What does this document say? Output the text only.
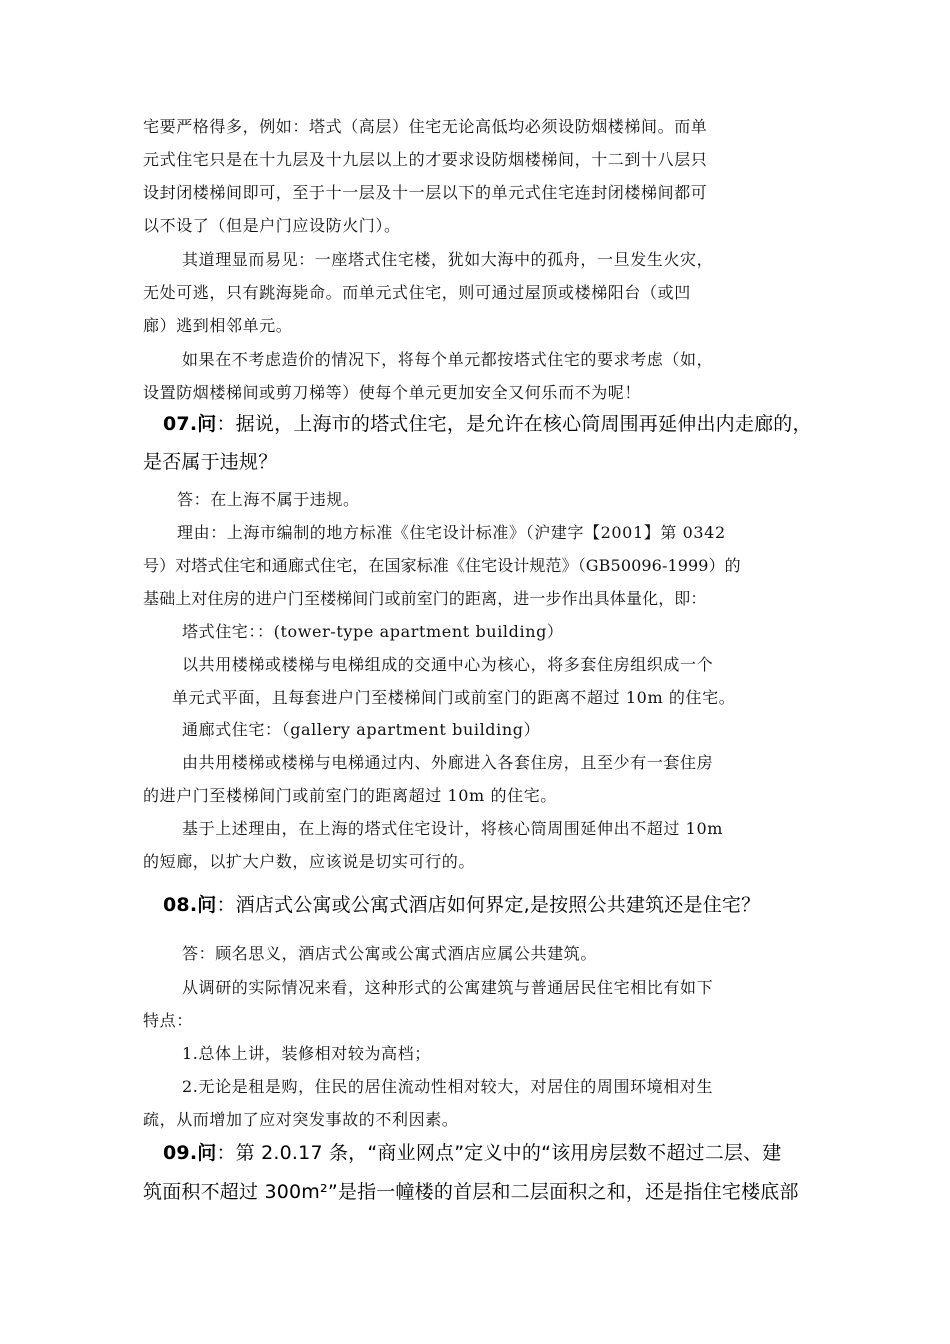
宅要严格得多，例如：塔式（高层）住宅无论高低均必须设防烟楼梯间。而单
元式住宅只是在十九层及十九层以上的才要求设防烟楼梯间，十二到十八层只
设封闭楼梯间即可，至于十一层及十一层以下的单元式住宅连封闭楼梯间都可
以不设了（但是户门应设防火门）。
其道理显而易见：一座塔式住宅楼，犹如大海中的孤舟，一旦发生火灾，
无处可逃，只有跳海毙命。而单元式住宅，则可通过屋顶或楼梯阳台（或凹
廊）逃到相邻单元。
如果在不考虑造价的情况下，将每个单元都按塔式住宅的要求考虑（如，
设置防烟楼梯间或剪刀梯等）使每个单元更加安全又何乐而不为呢！
07.问：据说，上海市的塔式住宅，是允许在核心筒周围再延伸出内走廊的，
是否属于违规？
答：在上海不属于违规。
理由：上海市编制的地方标准《住宅设计标准》（沪建字【2001】第 0342
号）对塔式住宅和通廊式住宅，在国家标准《住宅设计规范》（GB50096-1999）的
基础上对住房的进户门至楼梯间门或前室门的距离，进一步作出具体量化，即：
塔式住宅：：(tower-type apartment building）
以共用楼梯或楼梯与电梯组成的交通中心为核心，将多套住房组织成一个
单元式平面，且每套进户门至楼梯间门或前室门的距离不超过 10m 的住宅。
通廊式住宅：（gallery apartment building）
由共用楼梯或楼梯与电梯通过内、外廊进入各套住房，且至少有一套住房
的进户门至楼梯间门或前室门的距离超过 10m 的住宅。
基于上述理由，在上海的塔式住宅设计，将核心筒周围延伸出不超过 10m
的短廊，以扩大户数，应该说是切实可行的。
08.问：酒店式公寓或公寓式酒店如何界定,是按照公共建筑还是住宅？
答：顾名思义，酒店式公寓或公寓式酒店应属公共建筑。
从调研的实际情况来看，这种形式的公寓建筑与普通居民住宅相比有如下
特点：
1.总体上讲，装修相对较为高档；
2.无论是租是购，住民的居住流动性相对较大，对居住的周围环境相对生
疏，从而增加了应对突发事故的不利因素。
09.问：第 2.0.17 条，“商业网点”定义中的“该用房层数不超过二层、建
筑面积不超过 300m²”是指一幢楼的首层和二层面积之和，还是指住宅楼底部
